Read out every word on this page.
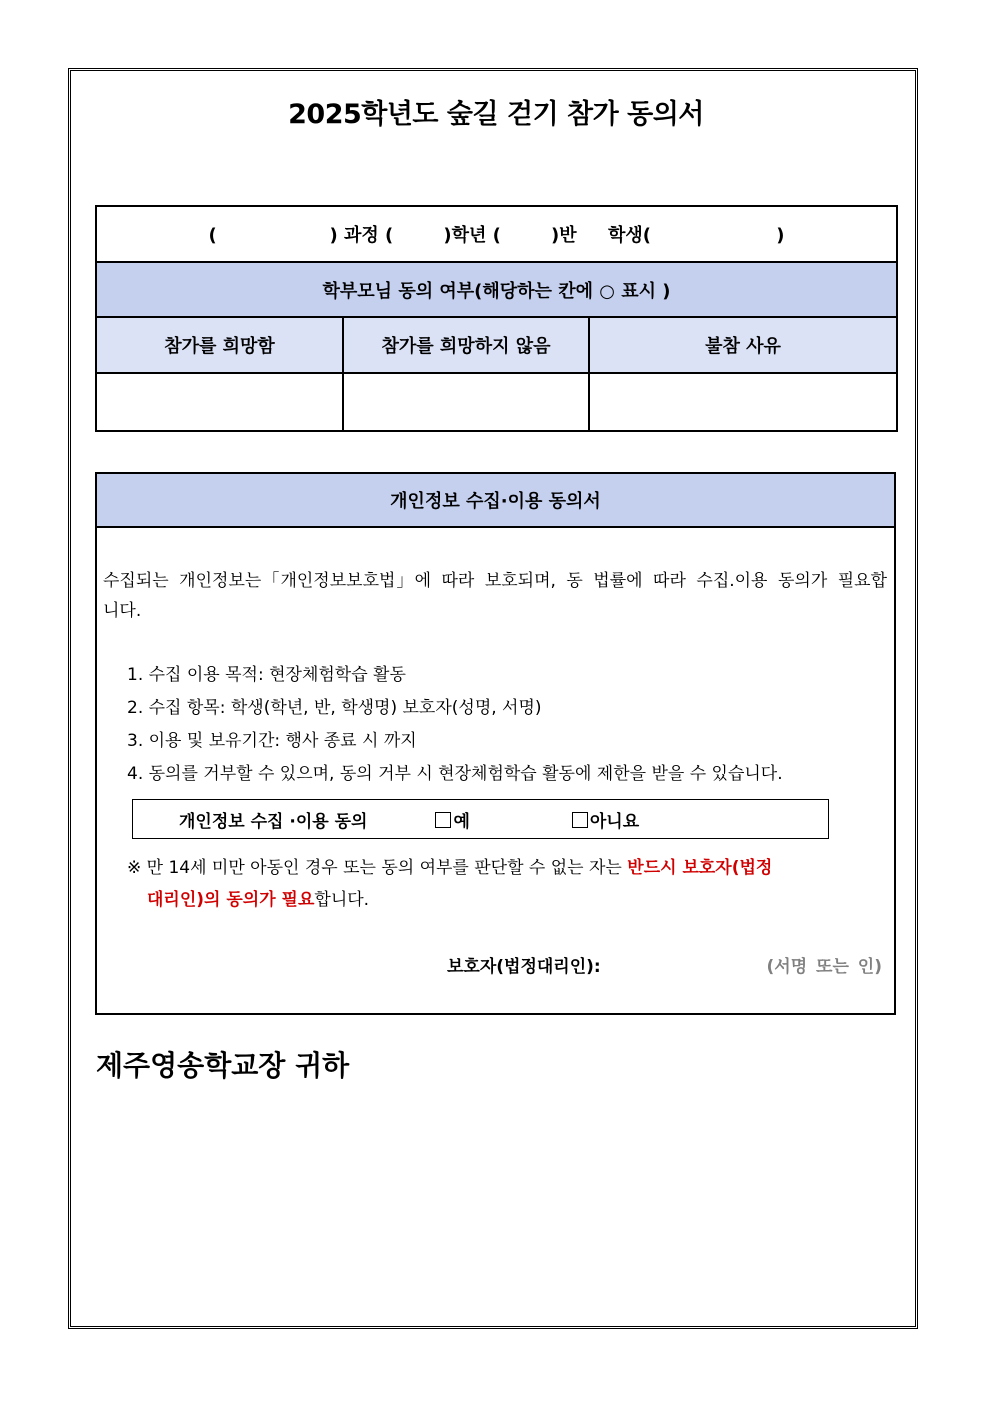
2025학년도 숲길 걷기 참가 동의서
(                  ) 과정 (        )학년 (        )반     학생(                    )		
학부모님 동의 여부(해당하는 칸에 ○ 표시 )		
참가를 희망함	참가를 희망하지 않음	불참 사유

개인정보 수집·이용 동의서
수집되는 개인정보는「개인정보보호법」에 따라 보호되며, 동 법률에 따라 수집.이용 동의가 필요합니다.
1. 수집 이용 목적: 현장체험학습 활동
2. 수집 항목: 학생(학년, 반, 학생명) 보호자(성명, 서명)
3. 이용 및 보유기간: 행사 종료 시 까지
4. 동의를 거부할 수 있으며, 동의 거부 시 현장체험학습 활동에 제한을 받을 수 있습니다.
개인정보 수집 ·이용 동의	예	아니요
※ 만 14세 미만 아동인 경우 또는 동의 여부를 판단할 수 없는 자는 반드시 보호자(법정
대리인)의 동의가 필요합니다.
보호자(법정대리인):	(서명 또는 인)
제주영송학교장 귀하
